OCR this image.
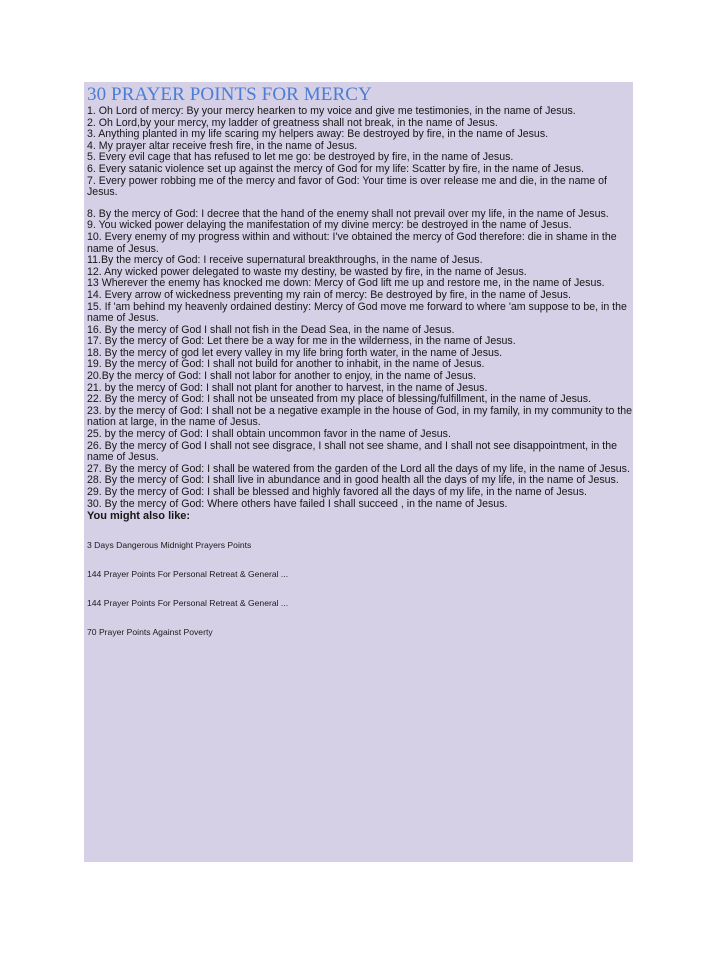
30 PRAYER POINTS FOR MERCY
1. Oh Lord of mercy: By your mercy hearken to my voice and give me testimonies, in the name of Jesus.
2. Oh Lord,by your mercy, my ladder of greatness shall not break, in the name of Jesus.
3. Anything planted in my life scaring my helpers away: Be destroyed by fire, in the name of Jesus.
4. My prayer altar receive fresh fire, in the name of Jesus.
5. Every evil cage that has refused to let me go: be destroyed by fire, in the name of Jesus.
6. Every satanic violence set up against the mercy of God for my life: Scatter by fire, in the name of Jesus.
7. Every power robbing me of the mercy and favor of God: Your time is over release me and die, in the name of Jesus.
8. By the mercy of God: I decree that the hand of the enemy shall not prevail over my life, in the name of Jesus.
9. You wicked power delaying the manifestation of my divine mercy: be destroyed in the name of Jesus.
10. Every enemy of my progress within and without: I've obtained the mercy of God therefore: die in shame in the name of Jesus.
11.By the mercy of God: I receive supernatural breakthroughs, in the name of Jesus.
12. Any wicked power delegated to waste my destiny, be wasted by fire, in the name of Jesus.
13 Wherever the enemy has knocked me down: Mercy of God lift me up and restore me, in the name of Jesus.
14. Every arrow of wickedness preventing my rain of mercy: Be destroyed by fire, in the name of Jesus.
15. If 'am behind my heavenly ordained destiny: Mercy of God move me forward to where 'am suppose to be, in the name of Jesus.
16. By the mercy of God I shall not fish in the Dead Sea, in the name of Jesus.
17. By the mercy of God: Let there be a way for me in the wilderness, in the name of Jesus.
18. By the mercy of god let every valley in my life bring forth water, in the name of Jesus.
19. By the mercy of God: I shall not build for another to inhabit, in the name of Jesus.
20.By the mercy of God: I shall not labor for another to enjoy, in the name of Jesus.
21. by the mercy of God: I shall not plant for another to harvest, in the name of Jesus.
22. By the mercy of God: I shall not be unseated from my place of blessing/fulfillment, in the name of Jesus.
23. by the mercy of God: I shall not be a negative example in the house of God, in my family, in my community to the nation at large, in the name of Jesus.
25. by the mercy of God: I shall obtain uncommon favor in the name of Jesus.
26. By the mercy of God I shall not see disgrace, I shall not see shame, and I shall not see disappointment, in the name of Jesus.
27. By the mercy of God: I shall be watered from the garden of the Lord all the days of my life, in the name of Jesus.
28. By the mercy of God: I shall live in abundance and in good health all the days of my life, in the name of Jesus.
29. By the mercy of God: I shall be blessed and highly favored all the days of my life, in the name of Jesus.
30. By the mercy of God: Where others have failed I shall succeed , in the name of Jesus.
You might also like:
3 Days Dangerous Midnight Prayers Points
144 Prayer Points For Personal Retreat & General ...
144 Prayer Points For Personal Retreat & General ...
70 Prayer Points Against Poverty
